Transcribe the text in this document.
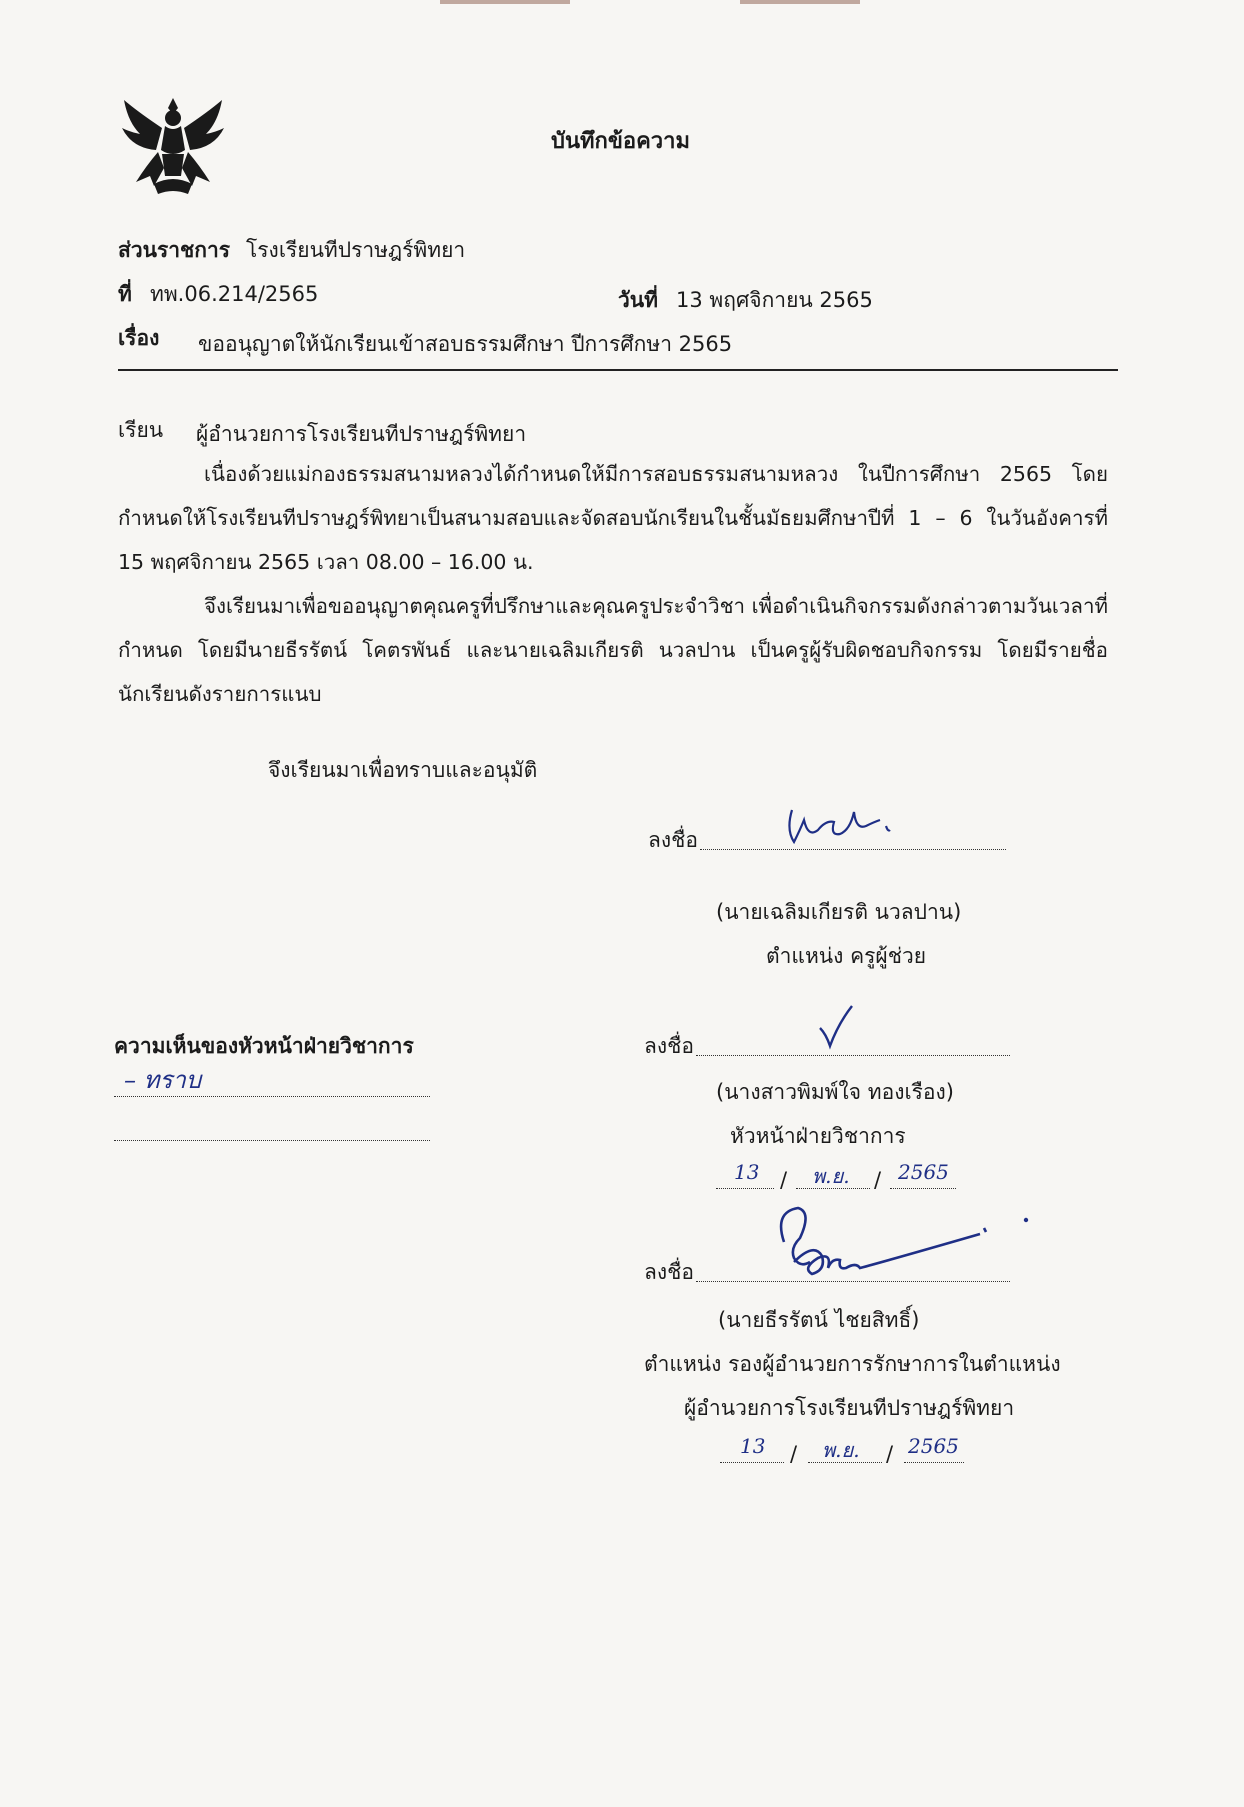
บันทึกข้อความ
ส่วนราชการ โรงเรียนทีปราษฎร์พิทยา
ที่ ทพ.06.214/2565	วันที่ 13 พฤศจิกายน 2565
เรื่อง ขออนุญาตให้นักเรียนเข้าสอบธรรมศึกษา ปีการศึกษา 2565
เรียน ผู้อำนวยการโรงเรียนทีปราษฎร์พิทยา
เนื่องด้วยแม่กองธรรมสนามหลวงได้กำหนดให้มีการสอบธรรมสนามหลวง ในปีการศึกษา 2565 โดยกำหนดให้โรงเรียนทีปราษฎร์พิทยาเป็นสนามสอบและจัดสอบนักเรียนในชั้นมัธยมศึกษาปีที่ 1 – 6 ในวันอังคารที่ 15 พฤศจิกายน 2565 เวลา 08.00 – 16.00 น.
จึงเรียนมาเพื่อขออนุญาตคุณครูที่ปรึกษาและคุณครูประจำวิชา เพื่อดำเนินกิจกรรมดังกล่าวตามวันเวลาที่กำหนด โดยมีนายธีรรัตน์ โคตรพันธ์ และนายเฉลิมเกียรติ นวลปาน เป็นครูผู้รับผิดชอบกิจกรรม โดยมีรายชื่อนักเรียนดังรายการแนบ
จึงเรียนมาเพื่อทราบและอนุมัติ
ลงชื่อ
(นายเฉลิมเกียรติ นวลปาน)
ตำแหน่ง ครูผู้ช่วย
ความเห็นของหัวหน้าฝ่ายวิชาการ
– ทราบ
ลงชื่อ
(นางสาวพิมพ์ใจ ทองเรือง)
หัวหน้าฝ่ายวิชาการ
13 / พ.ย. / 2565
ลงชื่อ
(นายธีรรัตน์ ไชยสิทธิ์)
ตำแหน่ง รองผู้อำนวยการรักษาการในตำแหน่ง
ผู้อำนวยการโรงเรียนทีปราษฎร์พิทยา
13 / พ.ย. / 2565
